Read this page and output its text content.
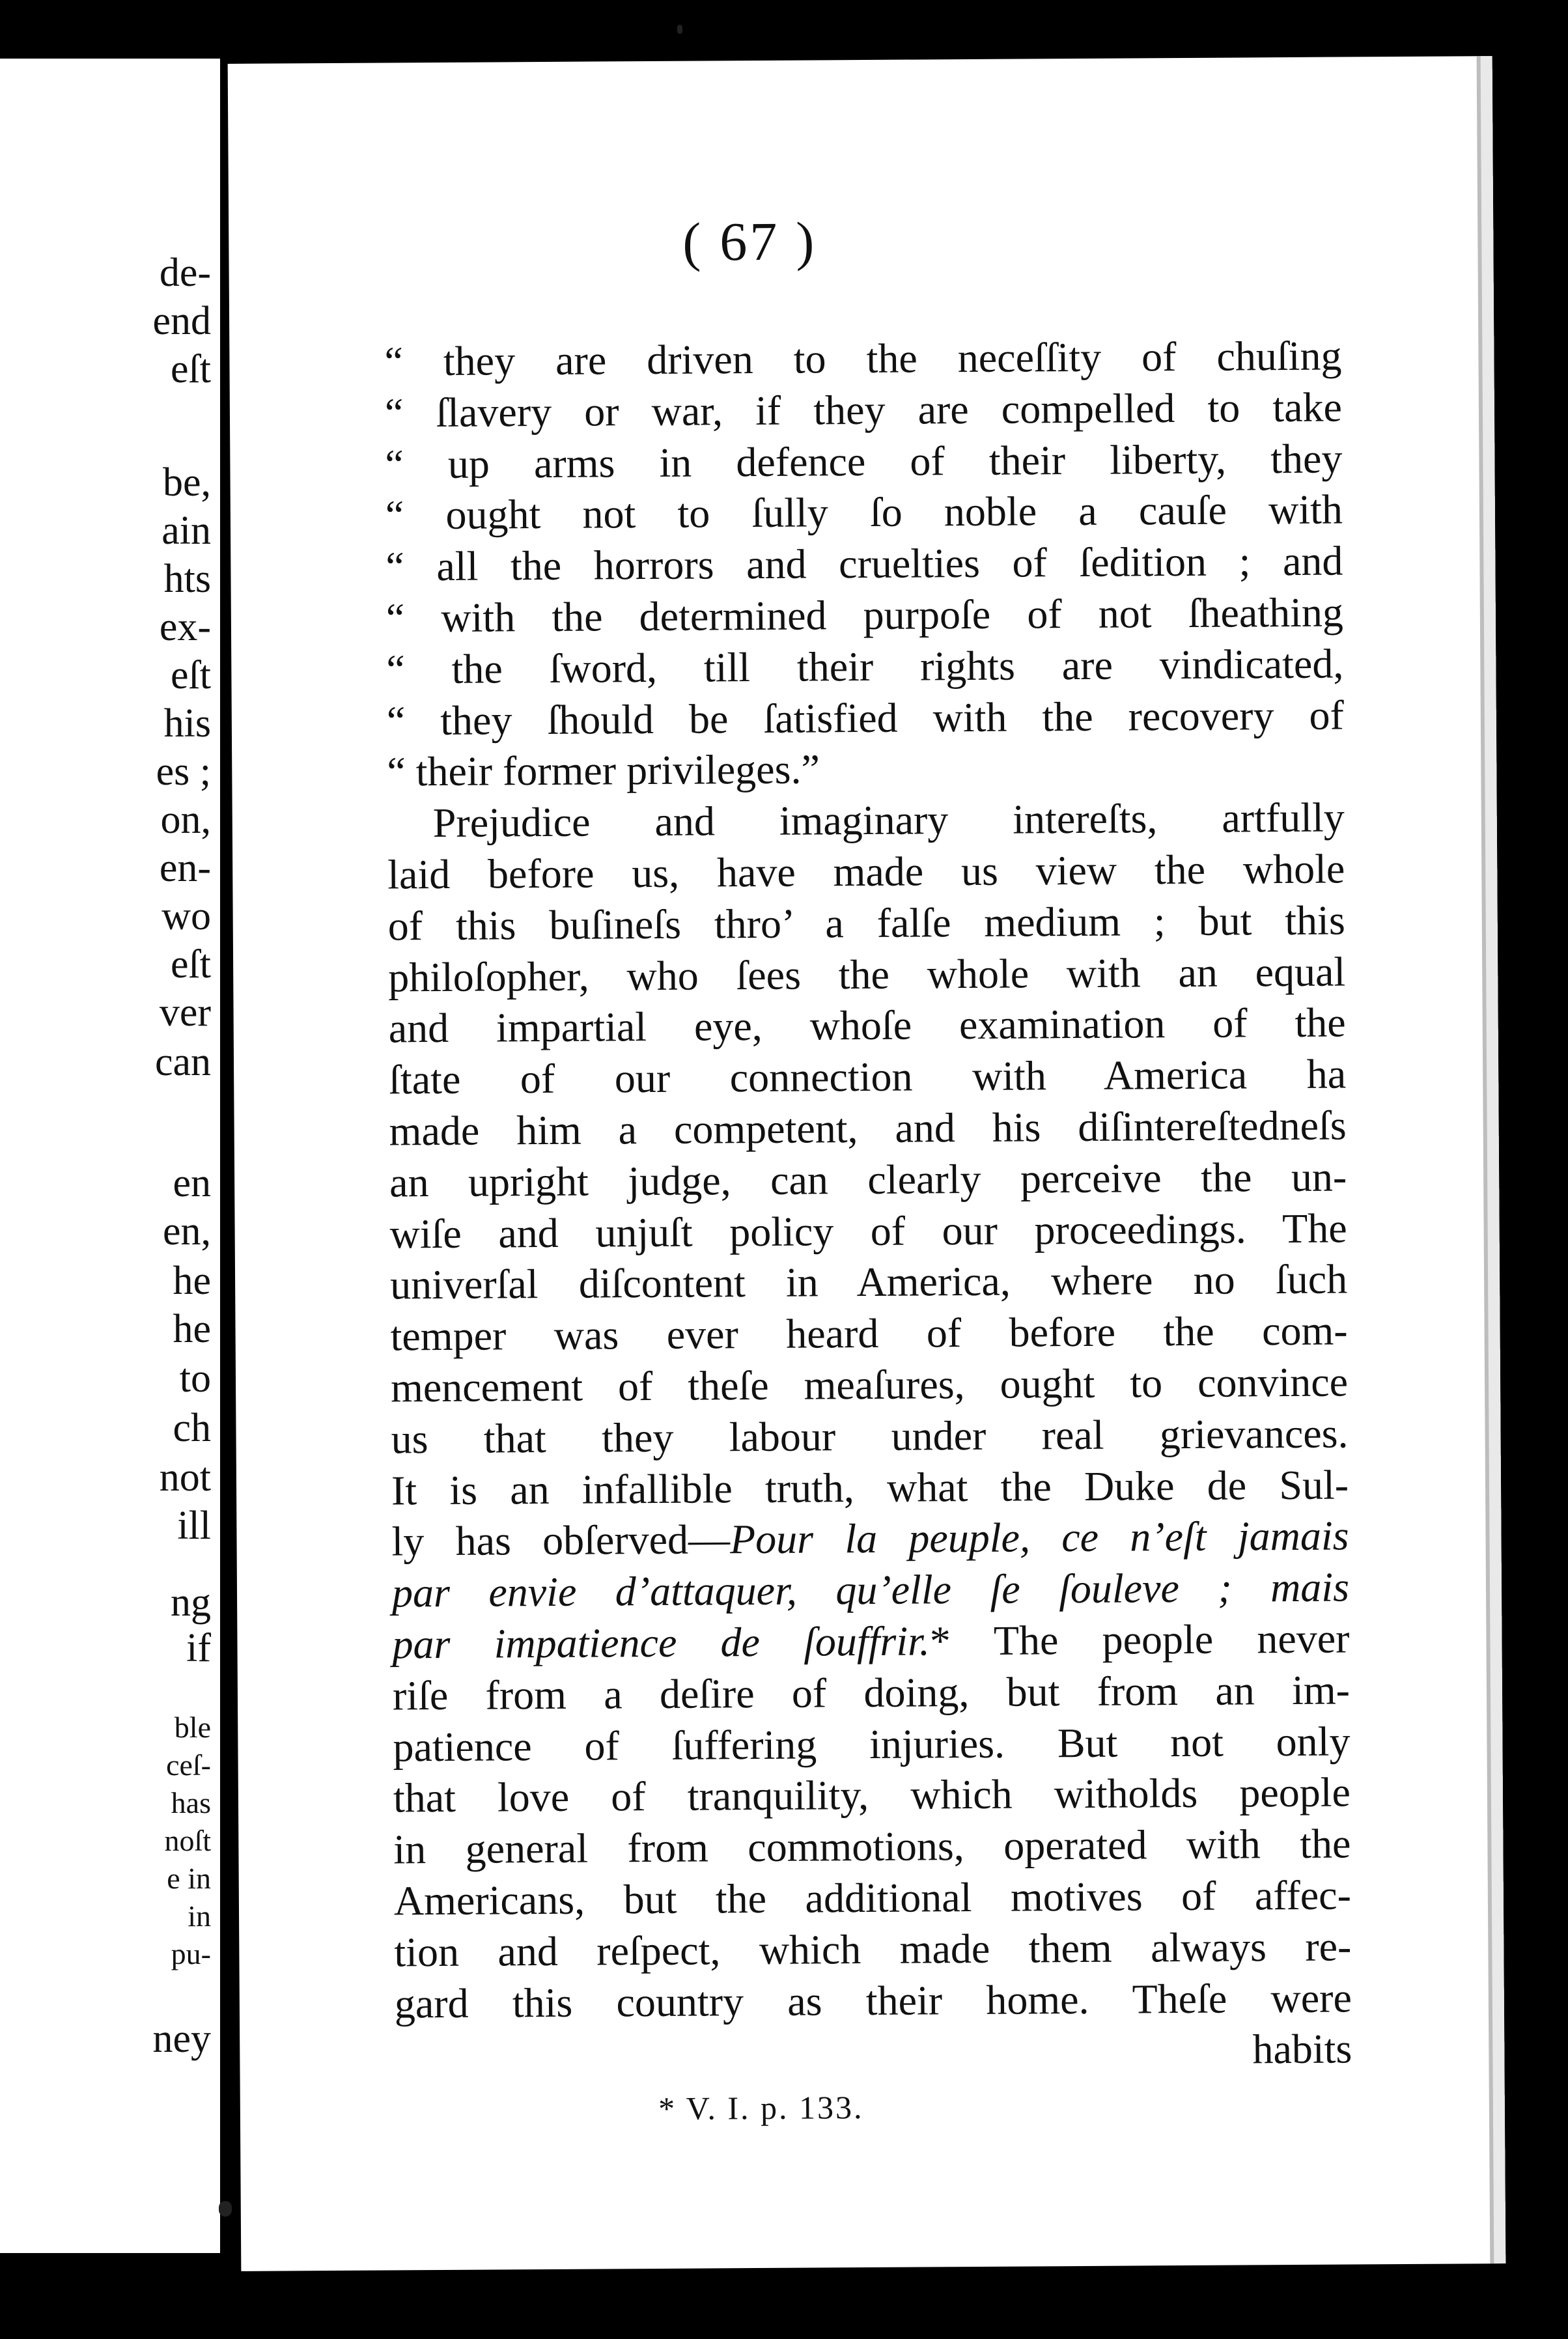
de-
end
eſt
be,
ain
hts
ex-
eſt
his
es ;
on,
en-
wo
eſt
ver
can
en
en,
he
he
to
ch
not
ill
ng
if
ble
ceſ-
has
noſt
e in
in
pu-
ney
( 67 )
“ they are driven to the neceſſity of chuſing
“ ſlavery or war, if they are compelled to take
“ up arms in defence of their liberty, they
“ ought not to ſully ſo noble a cauſe with
“ all the horrors and cruelties of ſedition ; and
“ with the determined purpoſe of not ſheathing
“ the ſword, till their rights are vindicated,
“ they ſhould be ſatisfied with the recovery of
“ their former privileges.”
Prejudice and imaginary intereſts, artfully
laid before us, have made us view the whole
of this buſineſs thro’ a falſe medium ; but this
philoſopher, who ſees the whole with an equal
and impartial eye, whoſe examination of the
ſtate of our connection with America ha
made him a competent, and his diſintereſtedneſs
an upright judge, can clearly perceive the un-
wiſe and unjuſt policy of our proceedings. The
univerſal diſcontent in America, where no ſuch
temper was ever heard of before the com-
mencement of theſe meaſures, ought to convince
us that they labour under real grievances.
It is an infallible truth, what the Duke de Sul-
ly has obſerved—Pour la peuple, ce n’eſt jamais
par envie d’attaquer, qu’elle ſe ſouleve ; mais
par impatience de ſouffrir.* The people never
riſe from a deſire of doing, but from an im-
patience of ſuffering injuries. But not only
that love of tranquility, which witholds people
in general from commotions, operated with the
Americans, but the additional motives of affec-
tion and reſpect, which made them always re-
gard this country as their home. Theſe were
habits
* V. I. p. 133.
